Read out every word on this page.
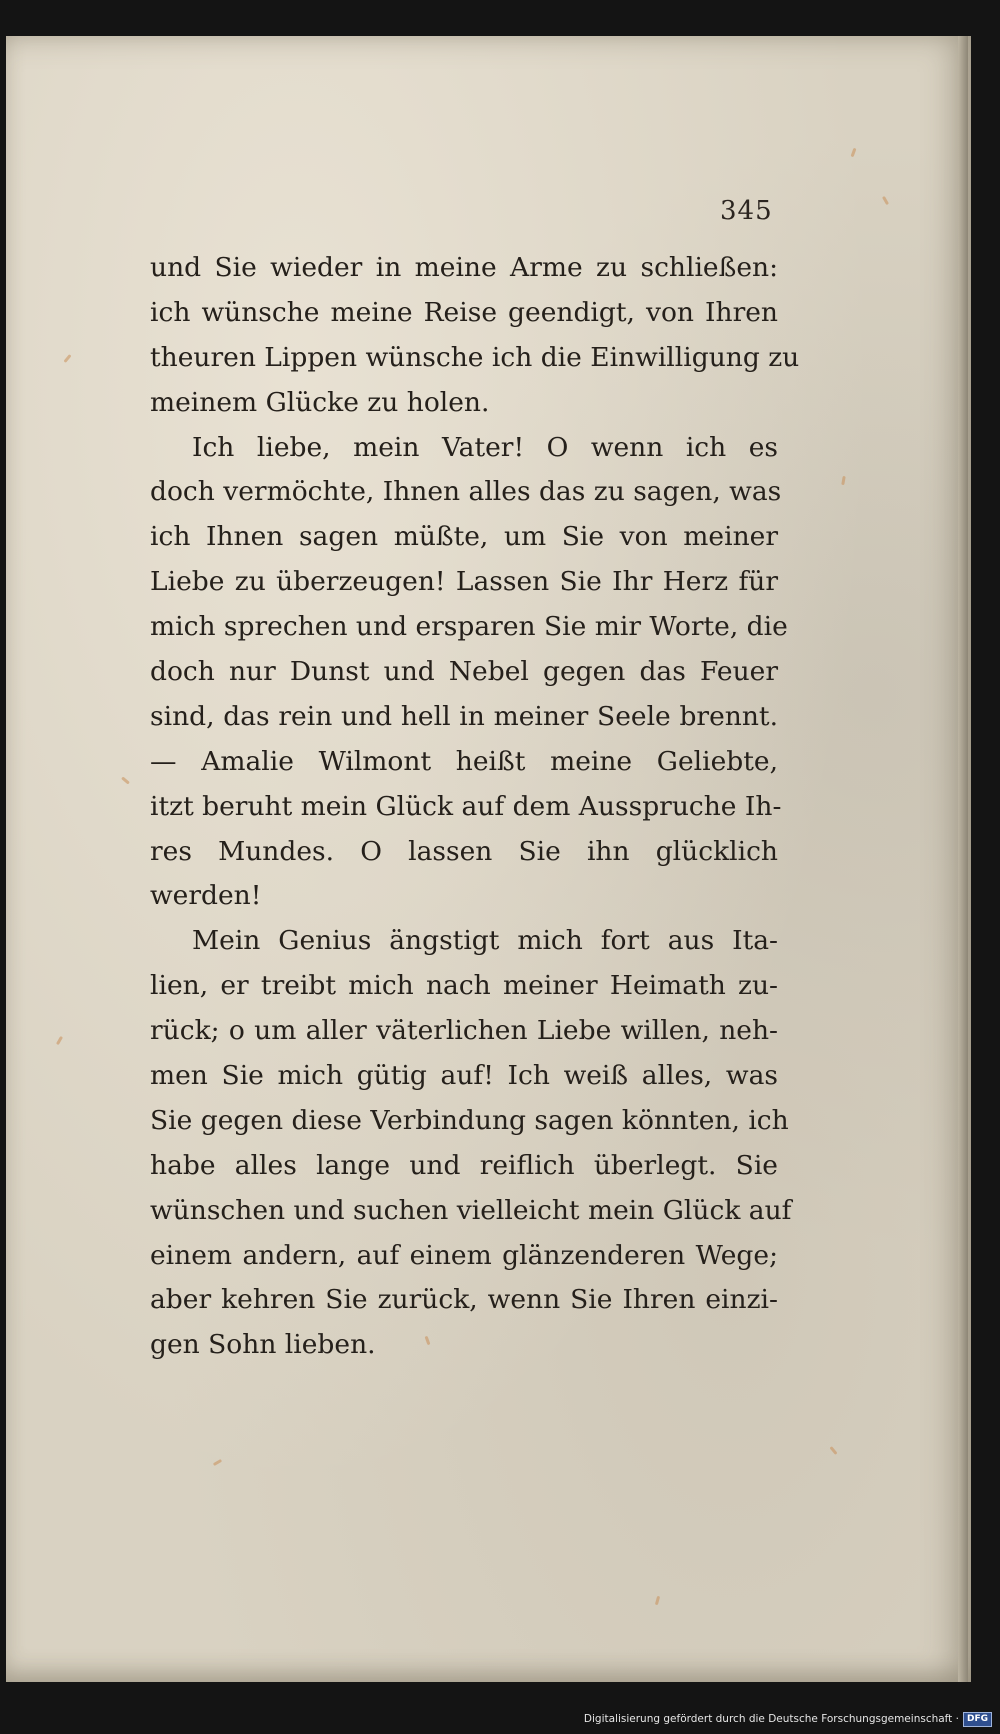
345
und Sie wieder in meine Arme zu schließen:
ich wünsche meine Reise geendigt, von Ihren
theuren Lippen wünsche ich die Einwilligung zu
meinem Glücke zu holen.
Ich liebe, mein Vater! O wenn ich es
doch vermöchte, Ihnen alles das zu sagen, was
ich Ihnen sagen müßte, um Sie von meiner
Liebe zu überzeugen! Lassen Sie Ihr Herz für
mich sprechen und ersparen Sie mir Worte, die
doch nur Dunst und Nebel gegen das Feuer
sind, das rein und hell in meiner Seele brennt.
— Amalie Wilmont heißt meine Geliebte,
itzt beruht mein Glück auf dem Ausspruche Ih-
res Mundes. O lassen Sie ihn glücklich
werden!
Mein Genius ängstigt mich fort aus Ita-
lien, er treibt mich nach meiner Heimath zu-
rück; o um aller väterlichen Liebe willen, neh-
men Sie mich gütig auf! Ich weiß alles, was
Sie gegen diese Verbindung sagen könnten, ich
habe alles lange und reiflich überlegt. Sie
wünschen und suchen vielleicht mein Glück auf
einem andern, auf einem glänzenderen Wege;
aber kehren Sie zurück, wenn Sie Ihren einzi-
gen Sohn lieben.
Digitalisierung gefördert durch die Deutsche Forschungsgemeinschaft · DFG
